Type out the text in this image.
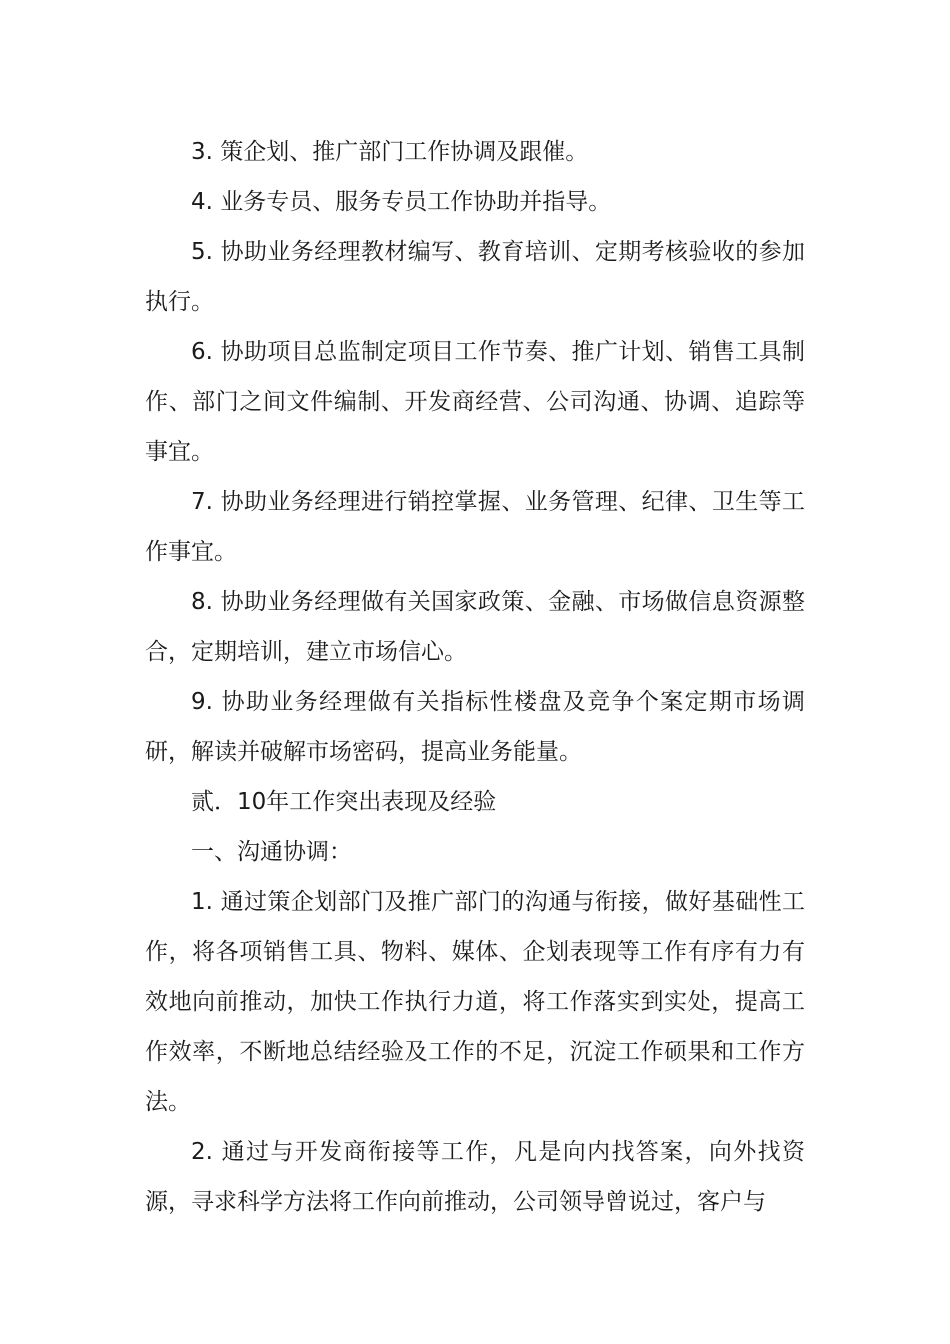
3. 策企划、推广部门工作协调及跟催。

4. 业务专员、服务专员工作协助并指导。

5. 协助业务经理教材编写、教育培训、定期考核验收的参加执行。

6. 协助项目总监制定项目工作节奏、推广计划、销售工具制作、部门之间文件编制、开发商经营、公司沟通、协调、追踪等事宜。

7. 协助业务经理进行销控掌握、业务管理、纪律、卫生等工作事宜。

8. 协助业务经理做有关国家政策、金融、市场做信息资源整合，定期培训，建立市场信心。

9. 协助业务经理做有关指标性楼盘及竞争个案定期市场调研，解读并破解市场密码，提高业务能量。

贰．10年工作突出表现及经验

一、沟通协调：

1. 通过策企划部门及推广部门的沟通与衔接，做好基础性工作，将各项销售工具、物料、媒体、企划表现等工作有序有力有效地向前推动，加快工作执行力道，将工作落实到实处，提高工作效率，不断地总结经验及工作的不足，沉淀工作硕果和工作方法。

2. 通过与开发商衔接等工作，凡是向内找答案，向外找资源，寻求科学方法将工作向前推动，公司领导曾说过，客户与
